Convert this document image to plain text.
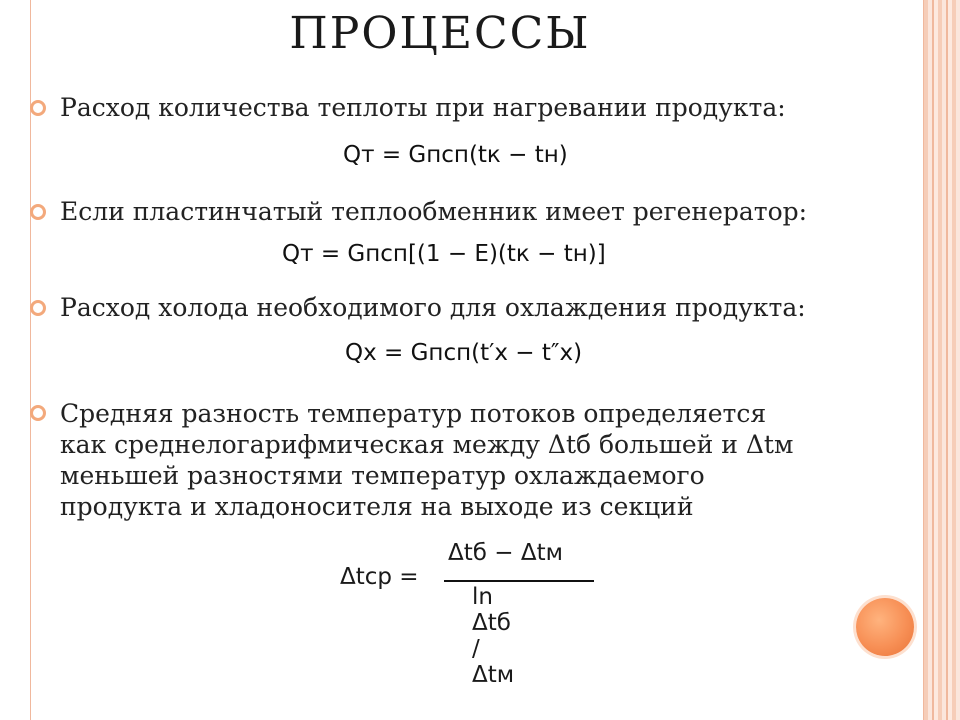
ПРОЦЕССЫ
Расход количества теплоты при нагревании продукта:
Qт = Gпcп(tк − tн)
Если пластинчатый теплообменник имеет регенератор:
Qт = Gпcп[(1 − E)(tк − tн)]
Расход холода необходимого для охлаждения продукта:
Qх = Gпcп(t′х − t″х)
Средняя разность температур потоков определяется
как среднелогарифмическая между Δtб большей и Δtм
меньшей разностями температур охлаждаемого
продукта и хладоносителя на выходе из секций
Δtср =
Δtб − Δtм
ln Δtб / Δtм
